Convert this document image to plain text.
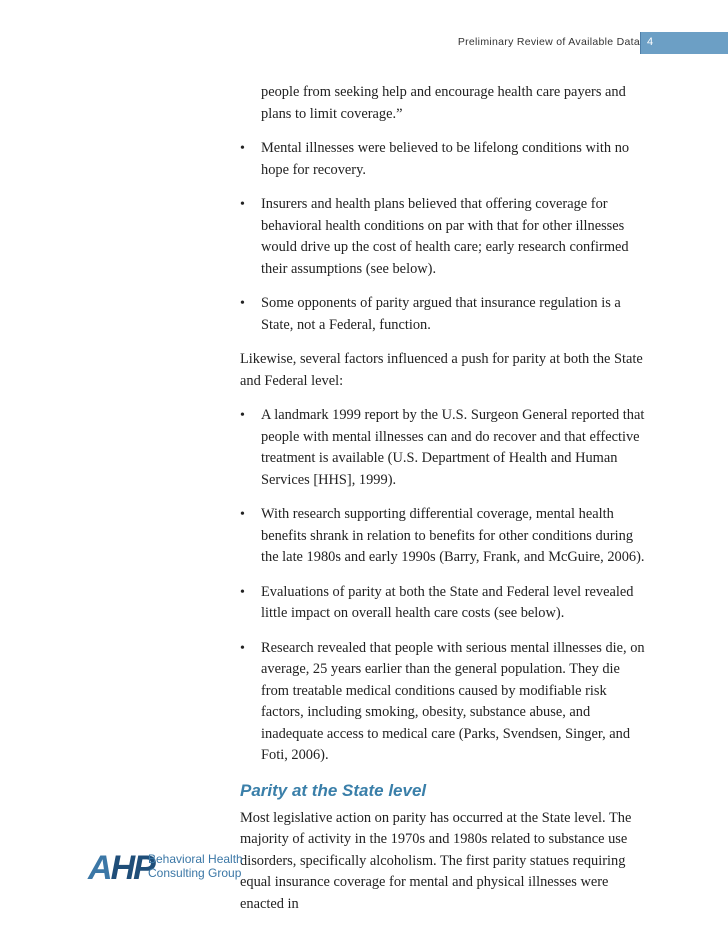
Preliminary Review of Available Data 4
people from seeking help and encourage health care payers and plans to limit coverage.”
• Mental illnesses were believed to be lifelong conditions with no hope for recovery.
• Insurers and health plans believed that offering coverage for behavioral health conditions on par with that for other illnesses would drive up the cost of health care; early research confirmed their assumptions (see below).
• Some opponents of parity argued that insurance regulation is a State, not a Federal, function.

Likewise, several factors influenced a push for parity at both the State and Federal level:

• A landmark 1999 report by the U.S. Surgeon General reported that people with mental illnesses can and do recover and that effective treatment is available (U.S. Department of Health and Human Services [HHS], 1999).
• With research supporting differential coverage, mental health benefits shrank in relation to benefits for other conditions during the late 1980s and early 1990s (Barry, Frank, and McGuire, 2006).
• Evaluations of parity at both the State and Federal level revealed little impact on overall health care costs (see below).
• Research revealed that people with serious mental illnesses die, on average, 25 years earlier than the general population. They die from treatable medical conditions caused by modifiable risk factors, including smoking, obesity, substance abuse, and inadequate access to medical care (Parks, Svendsen, Singer, and Foti, 2006).
Parity at the State level

Most legislative action on parity has occurred at the State level. The majority of activity in the 1970s and 1980s related to substance use disorders, specifically alcoholism. The first parity statues requiring equal insurance coverage for mental and physical illnesses were enacted in

AHP
Behavioral Health
Consulting Group
